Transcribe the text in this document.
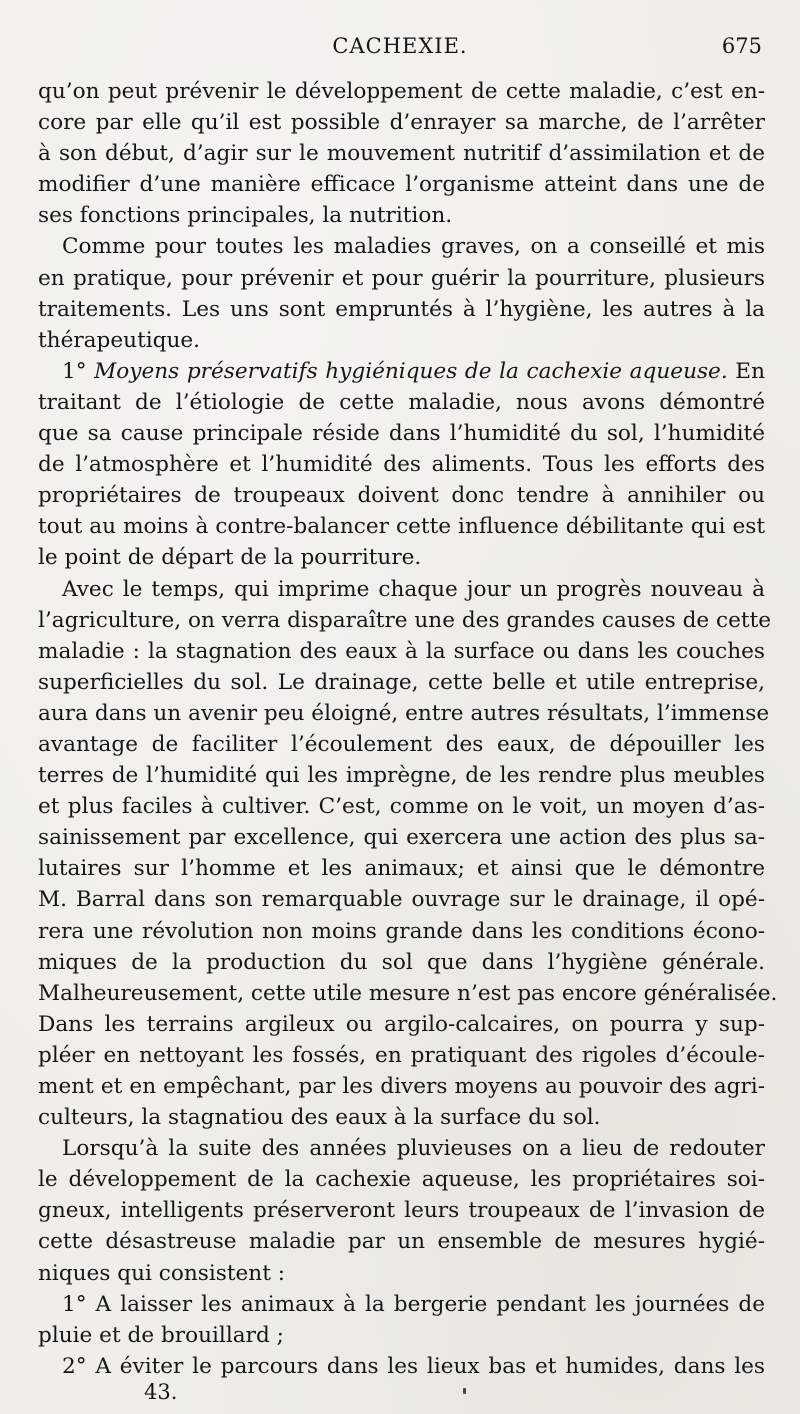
CACHEXIE.	675
qu’on peut prévenir le développement de cette maladie, c’est en-
core par elle qu’il est possible d’enrayer sa marche, de l’arrêter
à son début, d’agir sur le mouvement nutritif d’assimilation et de
modifier d’une manière efficace l’organisme atteint dans une de
ses fonctions principales, la nutrition.
Comme pour toutes les maladies graves, on a conseillé et mis
en pratique, pour prévenir et pour guérir la pourriture, plusieurs
traitements. Les uns sont empruntés à l’hygiène, les autres à la
thérapeutique.
1° Moyens préservatifs hygiéniques de la cachexie aqueuse. En
traitant de l’étiologie de cette maladie, nous avons démontré
que sa cause principale réside dans l’humidité du sol, l’humidité
de l’atmosphère et l’humidité des aliments. Tous les efforts des
propriétaires de troupeaux doivent donc tendre à annihiler ou
tout au moins à contre-balancer cette influence débilitante qui est
le point de départ de la pourriture.
Avec le temps, qui imprime chaque jour un progrès nouveau à
l’agriculture, on verra disparaître une des grandes causes de cette
maladie : la stagnation des eaux à la surface ou dans les couches
superficielles du sol. Le drainage, cette belle et utile entreprise,
aura dans un avenir peu éloigné, entre autres résultats, l’immense
avantage de faciliter l’écoulement des eaux, de dépouiller les
terres de l’humidité qui les imprègne, de les rendre plus meubles
et plus faciles à cultiver. C’est, comme on le voit, un moyen d’as-
sainissement par excellence, qui exercera une action des plus sa-
lutaires sur l’homme et les animaux; et ainsi que le démontre
M. Barral dans son remarquable ouvrage sur le drainage, il opé-
rera une révolution non moins grande dans les conditions écono-
miques de la production du sol que dans l’hygiène générale.
Malheureusement, cette utile mesure n’est pas encore généralisée.
Dans les terrains argileux ou argilo-calcaires, on pourra y sup-
pléer en nettoyant les fossés, en pratiquant des rigoles d’écoule-
ment et en empêchant, par les divers moyens au pouvoir des agri-
culteurs, la stagnatiou des eaux à la surface du sol.
Lorsqu’à la suite des années pluvieuses on a lieu de redouter
le développement de la cachexie aqueuse, les propriétaires soi-
gneux, intelligents préserveront leurs troupeaux de l’invasion de
cette désastreuse maladie par un ensemble de mesures hygié-
niques qui consistent :
1° A laisser les animaux à la bergerie pendant les journées de
pluie et de brouillard ;
2° A éviter le parcours dans les lieux bas et humides, dans les
43.
